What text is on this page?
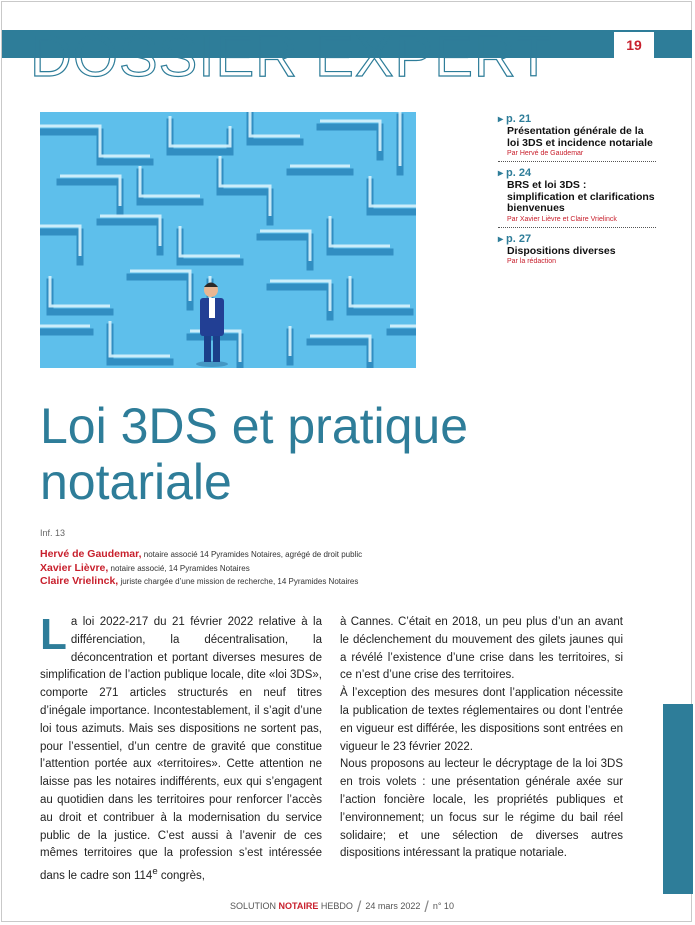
DOSSIER EXPERT	19
▸ p. 21
Présentation générale de la loi 3DS et incidence notariale
Par Hervé de Gaudemar
▸ p. 24
BRS et loi 3DS : simplification et clarifications bienvenues
Par Xavier Lièvre et Claire Vrielinck
▸ p. 27
Dispositions diverses
Par la rédaction
Loi 3DS et pratique notariale
Inf. 13
Hervé de Gaudemar, notaire associé 14 Pyramides Notaires, agrégé de droit public
Xavier Lièvre, notaire associé, 14 Pyramides Notaires
Claire Vrielinck, juriste chargée d’une mission de recherche, 14 Pyramides Notaires

La loi 2022-217 du 21 février 2022 relative à la différenciation, la décentralisation, la déconcentration et portant diverses mesures de simplification de l’action publique locale, dite «loi 3DS», comporte 271 articles structurés en neuf titres d’inégale importance. Incontestablement, il s’agit d’une loi tous azimuts. Mais ses dispositions ne sortent pas, pour l’essentiel, d’un centre de gravité que constitue l’attention portée aux «territoires». Cette attention ne laisse pas les notaires indifférents, eux qui s’engagent au quotidien dans les territoires pour renforcer l’accès au droit et contribuer à la modernisation du service public de la justice. C’est aussi à l’avenir de ces mêmes territoires que la profession s’est intéressée dans le cadre son 114e congrès,

à Cannes. C’était en 2018, un peu plus d’un an avant le déclenchement du mouvement des gilets jaunes qui a révélé l’existence d’une crise dans les territoires, si ce n’est d’une crise des territoires.

À l’exception des mesures dont l’application nécessite la publication de textes réglementaires ou dont l’entrée en vigueur est différée, les dispositions sont entrées en vigueur le 23 février 2022.

Nous proposons au lecteur le décryptage de la loi 3DS en trois volets : une présentation générale axée sur l’action foncière locale, les propriétés publiques et l’environnement; un focus sur le régime du bail réel solidaire; et une sélection de diverses autres dispositions intéressant la pratique notariale.

SOLUTION NOTAIRE HEBDO / 24 mars 2022 / n° 10
